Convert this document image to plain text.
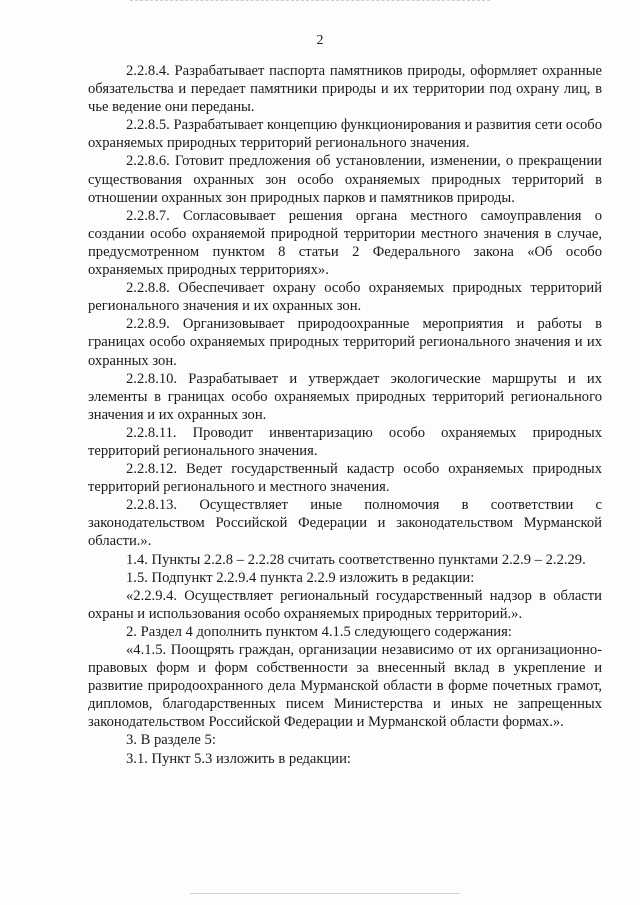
2

2.2.8.4. Разрабатывает паспорта памятников природы, оформляет охранные обязательства и передает памятники природы и их территории под охрану лиц, в чье ведение они переданы.

2.2.8.5. Разрабатывает концепцию функционирования и развития сети особо охраняемых природных территорий регионального значения.

2.2.8.6. Готовит предложения об установлении, изменении, о прекращении существования охранных зон особо охраняемых природных территорий в отношении охранных зон природных парков и памятников природы.

2.2.8.7. Согласовывает решения органа местного самоуправления о создании особо охраняемой природной территории местного значения в случае, предусмотренном пунктом 8 статьи 2 Федерального закона «Об особо охраняемых природных территориях».

2.2.8.8. Обеспечивает охрану особо охраняемых природных территорий регионального значения и их охранных зон.

2.2.8.9. Организовывает природоохранные мероприятия и работы в границах особо охраняемых природных территорий регионального значения и их охранных зон.

2.2.8.10. Разрабатывает и утверждает экологические маршруты и их элементы в границах особо охраняемых природных территорий регионального значения и их охранных зон.

2.2.8.11. Проводит инвентаризацию особо охраняемых природных территорий регионального значения.

2.2.8.12. Ведет государственный кадастр особо охраняемых природных территорий регионального и местного значения.

2.2.8.13. Осуществляет иные полномочия в соответствии с законодательством Российской Федерации и законодательством Мурманской области.».

1.4. Пункты 2.2.8 – 2.2.28 считать соответственно пунктами 2.2.9 – 2.2.29.

1.5. Подпункт 2.2.9.4 пункта 2.2.9 изложить в редакции:

«2.2.9.4. Осуществляет региональный государственный надзор в области охраны и использования особо охраняемых природных территорий.».

2. Раздел 4 дополнить пунктом 4.1.5 следующего содержания:

«4.1.5. Поощрять граждан, организации независимо от их организационно-правовых форм и форм собственности за внесенный вклад в укрепление и развитие природоохранного дела Мурманской области в форме почетных грамот, дипломов, благодарственных писем Министерства и иных не запрещенных законодательством Российской Федерации и Мурманской области формах.».

3. В разделе 5:

3.1. Пункт 5.3 изложить в редакции:
